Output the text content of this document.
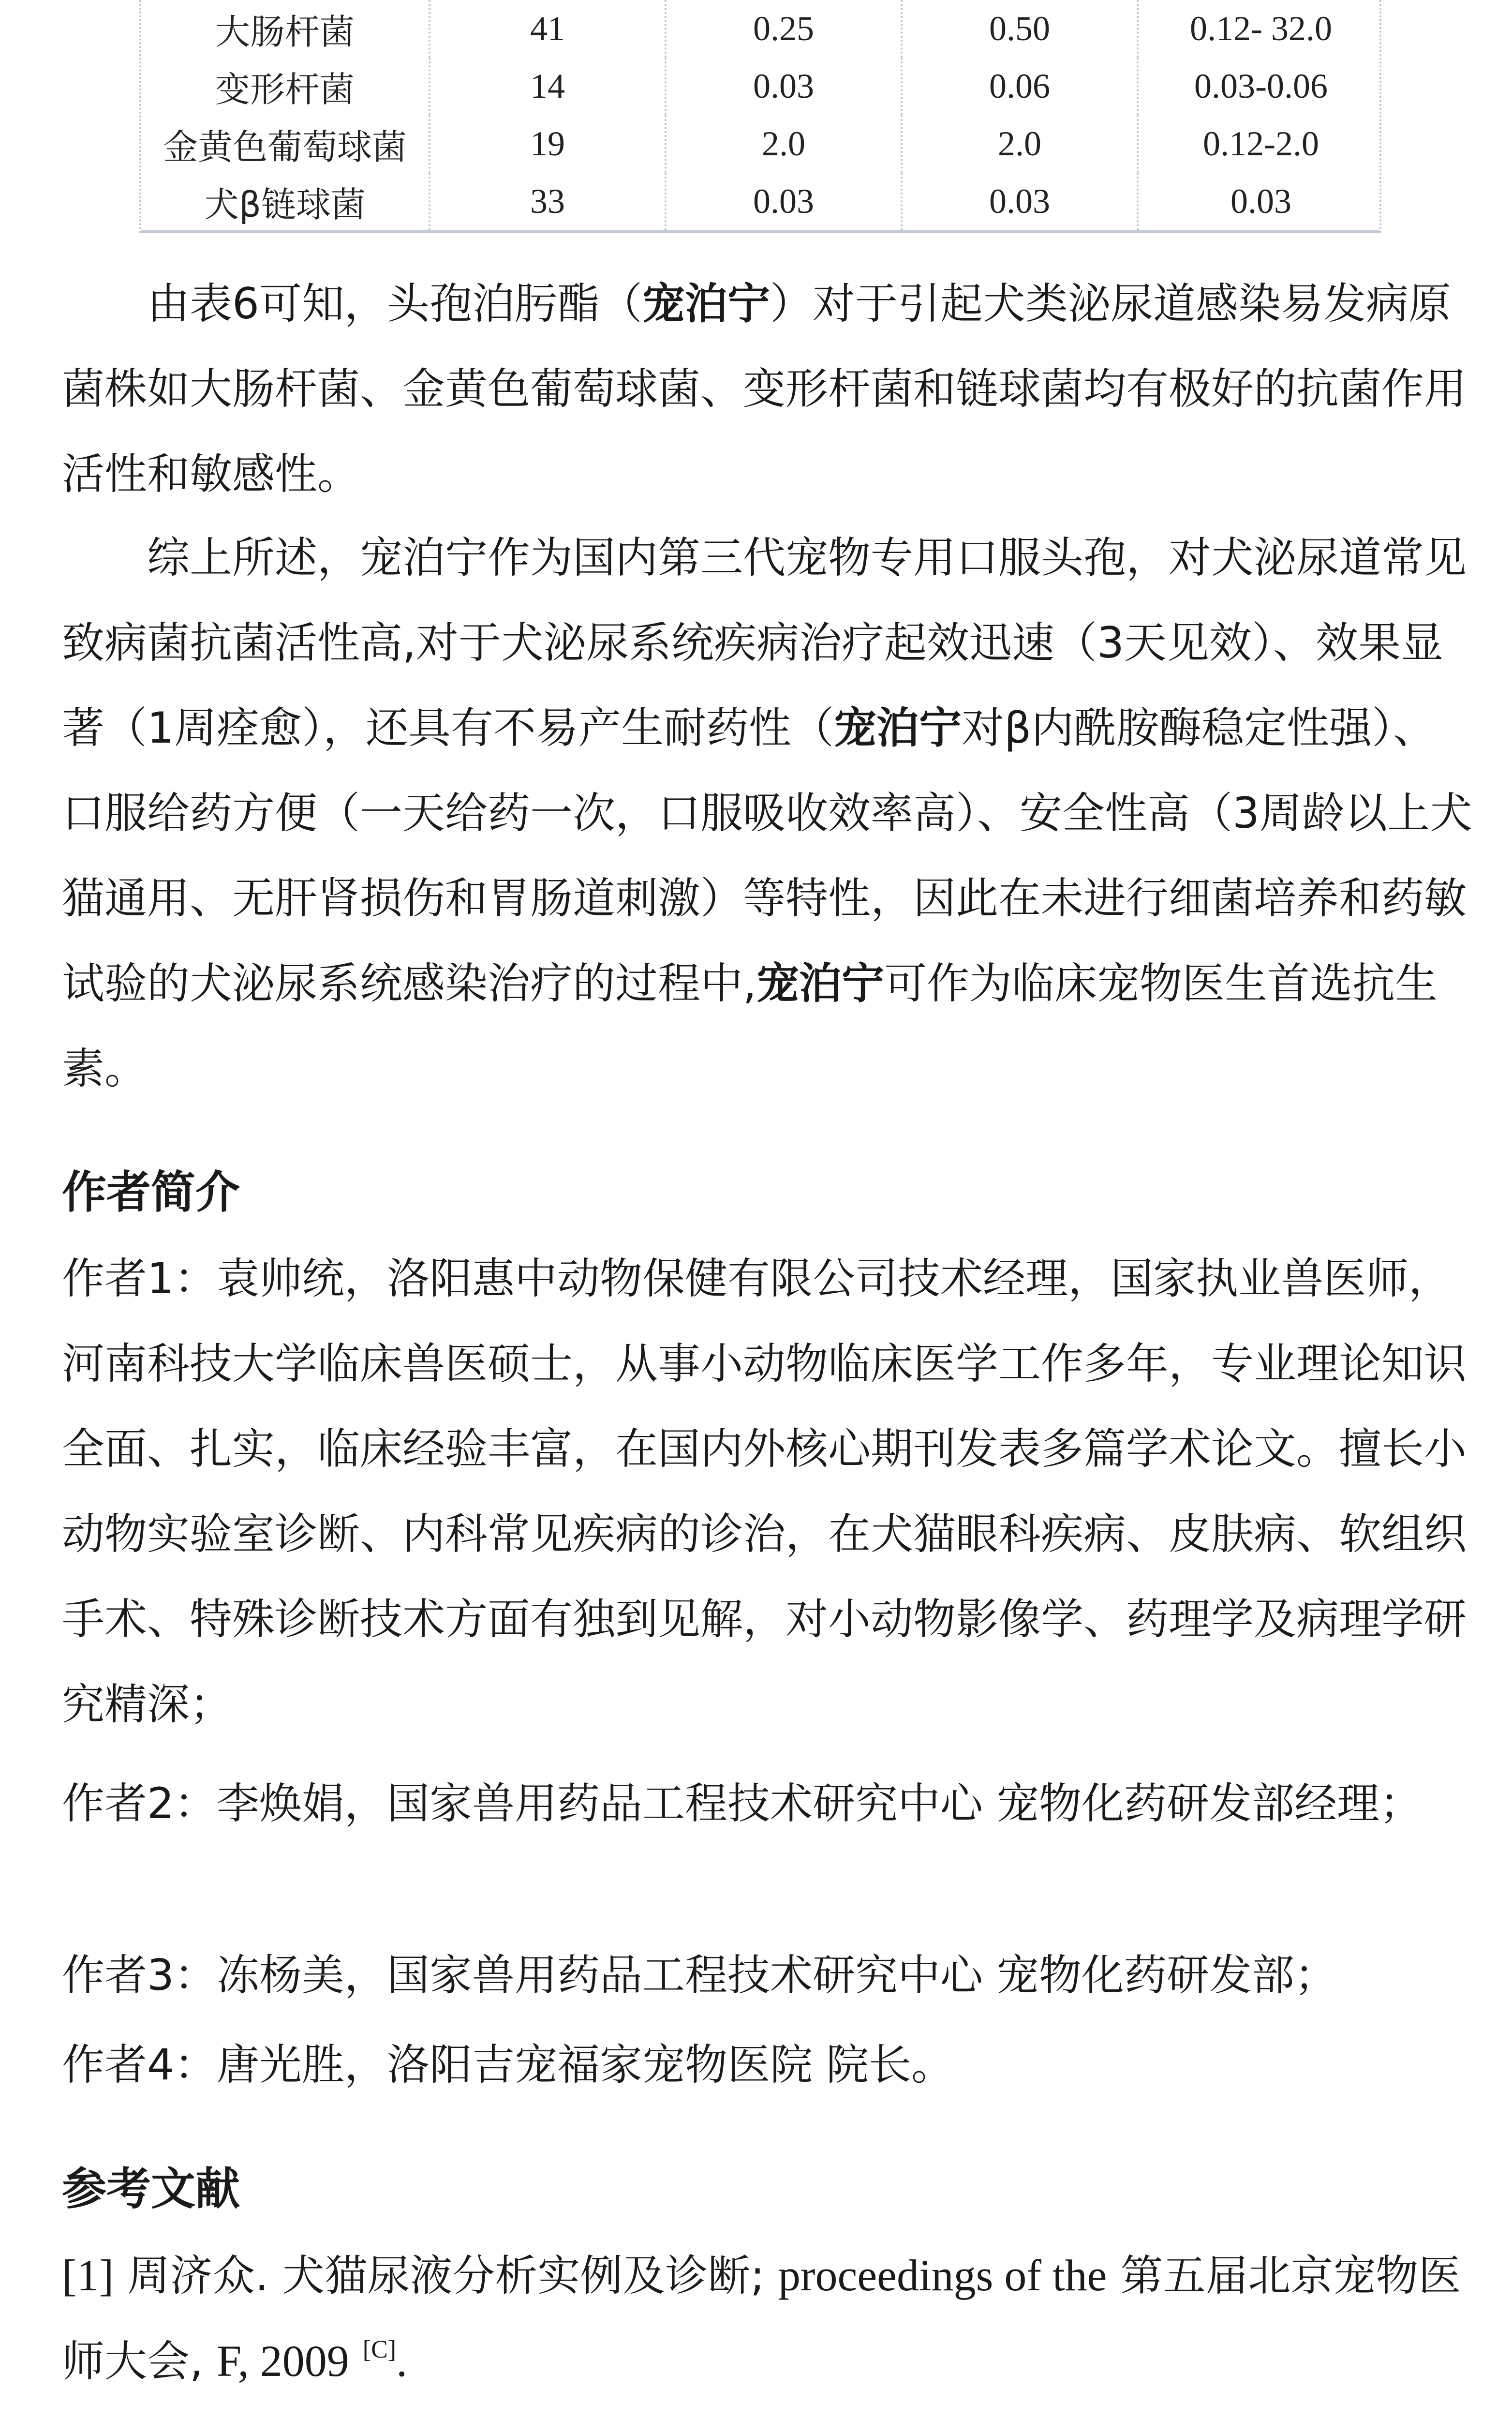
大肠杆菌	41	0.25	0.50	0.12- 32.0
变形杆菌	14	0.03	0.06	0.03-0.06
金黄色葡萄球菌	19	2.0	2.0	0.12-2.0
犬β链球菌	33	0.03	0.03	0.03

由表6可知，头孢泊肟酯（宠泊宁）对于引起犬类泌尿道感染易发病原菌株如大肠杆菌、金黄色葡萄球菌、变形杆菌和链球菌均有极好的抗菌作用活性和敏感性。

综上所述，宠泊宁作为国内第三代宠物专用口服头孢，对犬泌尿道常见致病菌抗菌活性高,对于犬泌尿系统疾病治疗起效迅速（3天见效）、效果显著（1周痊愈），还具有不易产生耐药性（宠泊宁对β内酰胺酶稳定性强）、口服给药方便（一天给药一次，口服吸收效率高）、安全性高（3周龄以上犬猫通用、无肝肾损伤和胃肠道刺激）等特性，因此在未进行细菌培养和药敏试验的犬泌尿系统感染治疗的过程中,宠泊宁可作为临床宠物医生首选抗生素。

作者简介

作者1：袁帅统，洛阳惠中动物保健有限公司技术经理，国家执业兽医师，河南科技大学临床兽医硕士，从事小动物临床医学工作多年，专业理论知识全面、扎实，临床经验丰富，在国内外核心期刊发表多篇学术论文。擅长小动物实验室诊断、内科常见疾病的诊治，在犬猫眼科疾病、皮肤病、软组织手术、特殊诊断技术方面有独到见解，对小动物影像学、药理学及病理学研究精深；

作者2：李焕娟，国家兽用药品工程技术研究中心 宠物化药研发部经理；

作者3：冻杨美，国家兽用药品工程技术研究中心 宠物化药研发部；

作者4：唐光胜，洛阳吉宠福家宠物医院 院长。

参考文献

[1] 周济众. 犬猫尿液分析实例及诊断; proceedings of the 第五届北京宠物医师大会, F, 2009 [C].
